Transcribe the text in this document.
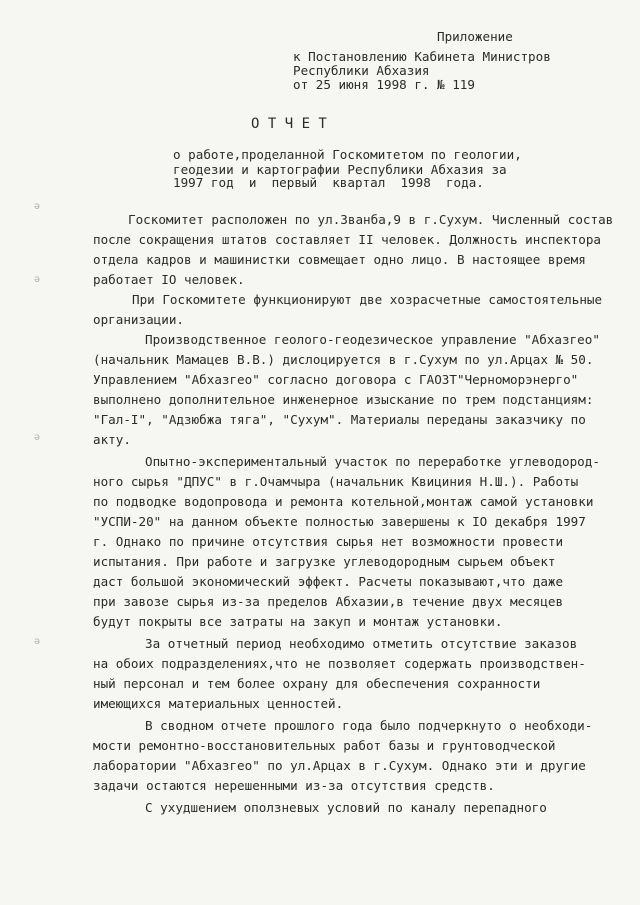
ǝ
ǝ
ǝ
ǝ
Приложение
к Постановлению Кабинета Министров
Республики Абхазия
от 25 июня 1998 г. № 119
О Т Ч Е Т
о работе,проделанной Госкомитетом по геологии,
геодезии и картографии Республики Абхазия за
1997 год  и  первый  квартал  1998  года.
Госкомитет расположен по ул.Званба,9 в г.Сухум. Численный состав
после сокращения штатов составляет II человек. Должность инспектора
отдела кадров и машинистки совмещает одно лицо. В настоящее время
работает IО человек.
При Госкомитете функционируют две хозрасчетные самостоятельные
организации.
Производственное геолого-геодезическое управление "Абхазгео"
(начальник Мамацев В.В.) дислоцируется в г.Сухум по ул.Арцах № 50.
Управлением "Абхазгео" согласно договора с ГАОЗТ"Черноморэнерго"
выполнено дополнительное инженерное изыскание по трем подстанциям:
"Гал-I", "Адзюбжа тяга", "Сухум". Материалы переданы заказчику по
акту.
Опытно-экспериментальный участок по переработке углеводород-
ного сырья "ДПУС" в г.Очамчыра (начальник Квициния Н.Ш.). Работы
по подводке водопровода и ремонта котельной,монтаж самой установки
"УСПИ-20" на данном объекте полностью завершены к IО декабря 1997
г. Однако по причине отсутствия сырья нет возможности провести
испытания. При работе и загрузке углеводородным сырьем объект
даст большой экономический эффект. Расчеты показывают,что даже
при завозе сырья из-за пределов Абхазии,в течение двух месяцев
будут покрыты все затраты на закуп и монтаж установки.
За отчетный период необходимо отметить отсутствие заказов
на обоих подразделениях,что не позволяет содержать производствен-
ный персонал и тем более охрану для обеспечения сохранности
имеющихся материальных ценностей.
В сводном отчете прошлого года было подчеркнуто о необходи-
мости ремонтно-восстановительных работ базы и грунтоводческой
лаборатории "Абхазгео" по ул.Арцах в г.Сухум. Однако эти и другие
задачи остаются нерешенными из-за отсутствия средств.
С ухудшением оползневых условий по каналу перепадного
